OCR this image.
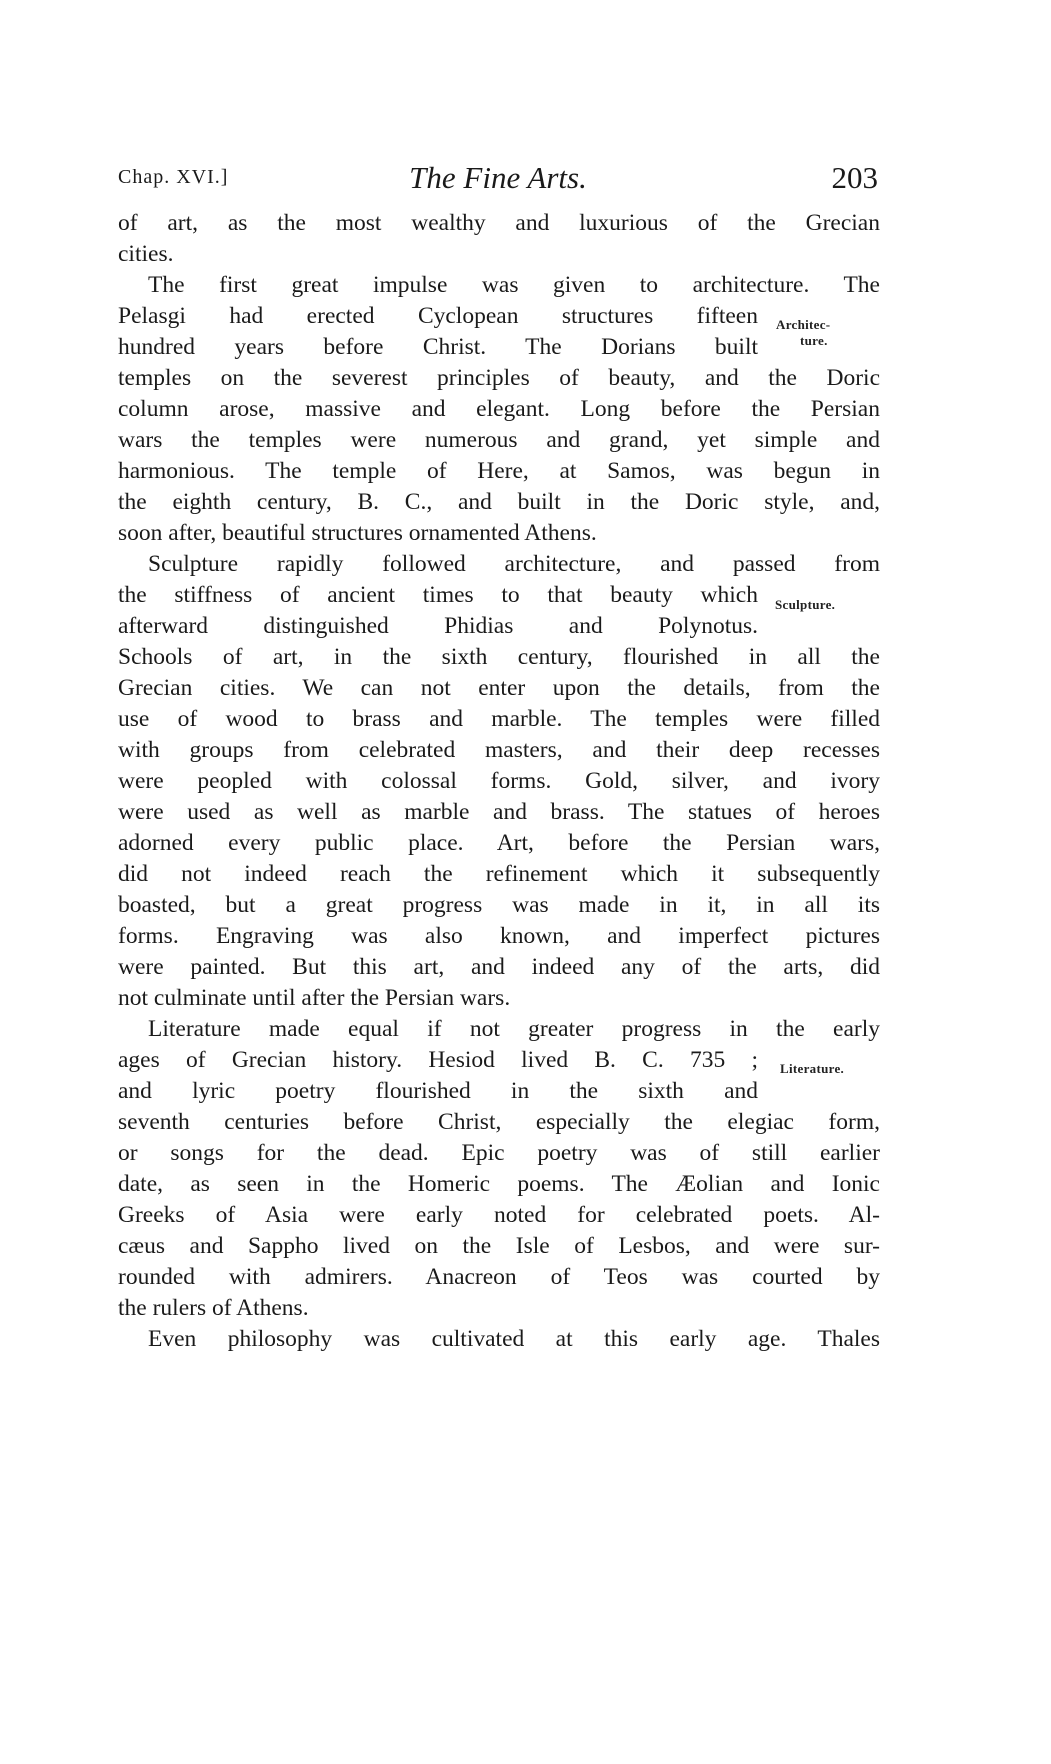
Chap. XVI.]	The Fine Arts.	203
of art, as the most wealthy and luxurious of the Grecian
cities.
The first great impulse was given to architecture. The
Pelasgi had erected Cyclopean structures fifteen
hundred years before Christ. The Dorians built
temples on the severest principles of beauty, and the Doric
column arose, massive and elegant. Long before the Persian
wars the temples were numerous and grand, yet simple and
harmonious. The temple of Here, at Samos, was begun in
the eighth century, B. C., and built in the Doric style, and,
soon after, beautiful structures ornamented Athens.
Sculpture rapidly followed architecture, and passed from
the stiffness of ancient times to that beauty which
afterward distinguished Phidias and Polynotus.
Schools of art, in the sixth century, flourished in all the
Grecian cities. We can not enter upon the details, from the
use of wood to brass and marble. The temples were filled
with groups from celebrated masters, and their deep recesses
were peopled with colossal forms. Gold, silver, and ivory
were used as well as marble and brass. The statues of heroes
adorned every public place. Art, before the Persian wars,
did not indeed reach the refinement which it subsequently
boasted, but a great progress was made in it, in all its
forms. Engraving was also known, and imperfect pictures
were painted. But this art, and indeed any of the arts, did
not culminate until after the Persian wars.
Literature made equal if not greater progress in the early
ages of Grecian history. Hesiod lived B. C. 735 ;
and lyric poetry flourished in the sixth and
seventh centuries before Christ, especially the elegiac form,
or songs for the dead. Epic poetry was of still earlier
date, as seen in the Homeric poems. The Æolian and Ionic
Greeks of Asia were early noted for celebrated poets. Al-
cæus and Sappho lived on the Isle of Lesbos, and were sur-
rounded with admirers. Anacreon of Teos was courted by
the rulers of Athens.
Even philosophy was cultivated at this early age. Thales
Architec-
ture.
Sculpture.
Literature.
